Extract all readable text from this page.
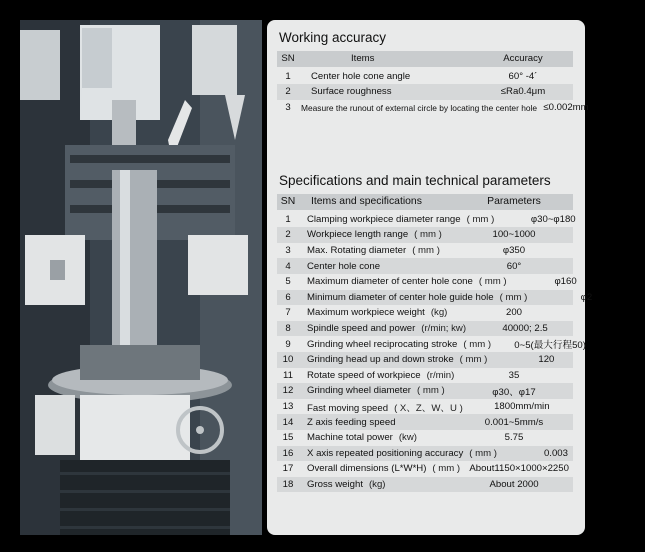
Working accuracy
SN	Items	Accuracy
1	Center hole cone angle	60° -4´
2	Surface roughness	≤Ra0.4μm
3	Measure the runout of external circle by locating the center hole ≤0.002mm
Specifications and main technical parameters
SN	Items and specifications	Parameters
1	Clamping workpiece diameter range ( mm )	φ30~φ180
2	Workpiece length range ( mm )	100~1000
3	Max. Rotating diameter ( mm )	φ350
4	Center hole cone	60°
5	Maximum diameter of center hole cone ( mm )	φ160
6	Minimum diameter of center hole guide hole ( mm )	φ2
7	Maximum workpiece weight (kg)	200
8	Spindle speed and power (r/min; kw)	40000; 2.5
9	Grinding wheel reciprocating stroke ( mm )	0~5(最大行程50)
10	Grinding head up and down stroke ( mm )	120
11	Rotate speed of workpiece (r/min)	35
12	Grinding wheel diameter ( mm )	φ30、φ17
13	Fast moving speed ( X、Z、W、U )	1800mm/min
14	Z axis feeding speed	0.001~5mm/s
15	Machine total power (kw)	5.75
16	X axis repeated positioning accuracy ( mm )	0.003
17	Overall dimensions (L*W*H) ( mm ) About1150×1000×2250
18	Gross weight (kg)	About 2000
